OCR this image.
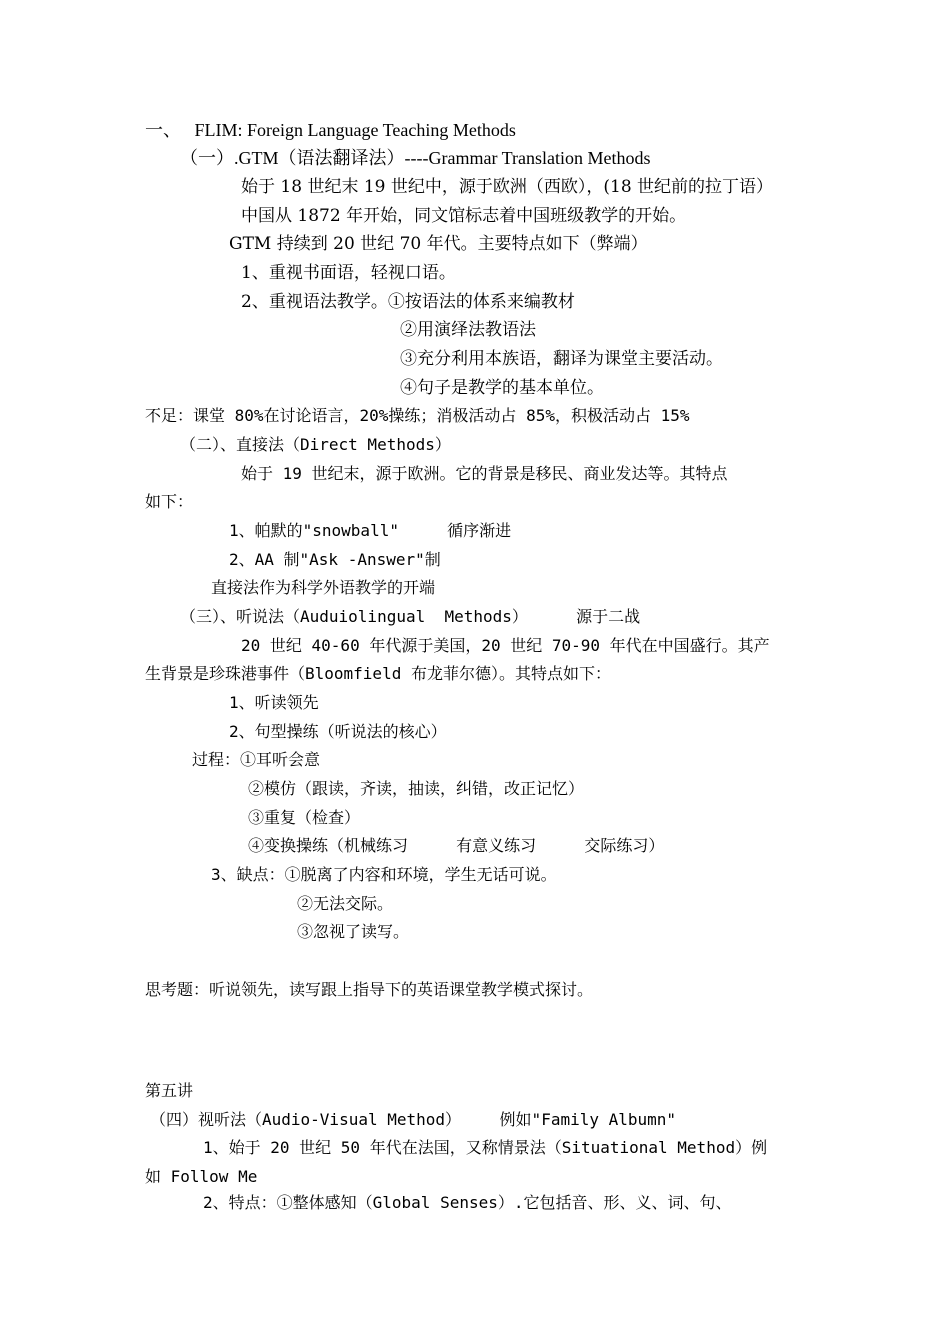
一、   FLIM: Foreign Language Teaching Methods
（一）.GTM（语法翻译法）----Grammar Translation Methods
始于 18 世纪末 19 世纪中，源于欧洲（西欧），(18 世纪前的拉丁语）
中国从 1872 年开始，同文馆标志着中国班级教学的开始。
GTM 持续到 20 世纪 70 年代。主要特点如下（弊端）
1、重视书面语，轻视口语。
2、重视语法教学。①按语法的体系来编教材
②用演绎法教语法
③充分利用本族语，翻译为课堂主要活动。
④句子是教学的基本单位。
不足：课堂 80%在讨论语言，20%操练；消极活动占 85%，积极活动占 15%
（二）、直接法（Direct Methods）
始于 19 世纪末，源于欧洲。它的背景是移民、商业发达等。其特点
如下：
1、帕默的"snowball"     循序渐进
2、AA 制"Ask -Answer"制
直接法作为科学外语教学的开端
（三）、听说法（Auduiolingual  Methods）     源于二战
20 世纪 40-60 年代源于美国，20 世纪 70-90 年代在中国盛行。其产
生背景是珍珠港事件（Bloomfield 布龙菲尔德）。其特点如下：
1、听读领先
2、句型操练（听说法的核心）
过程：①耳听会意
②模仿（跟读，齐读，抽读，纠错，改正记忆）
③重复（检查）
④变换操练（机械练习     有意义练习     交际练习）
3、缺点：①脱离了内容和环境，学生无话可说。
②无法交际。
③忽视了读写。
思考题：听说领先，读写跟上指导下的英语课堂教学模式探讨。
第五讲
（四）视听法（Audio-Visual Method）    例如"Family Albumn"
1、始于 20 世纪 50 年代在法国，又称情景法（Situational Method）例
如 Follow Me
2、特点：①整体感知（Global Senses）.它包括音、形、义、词、句、
